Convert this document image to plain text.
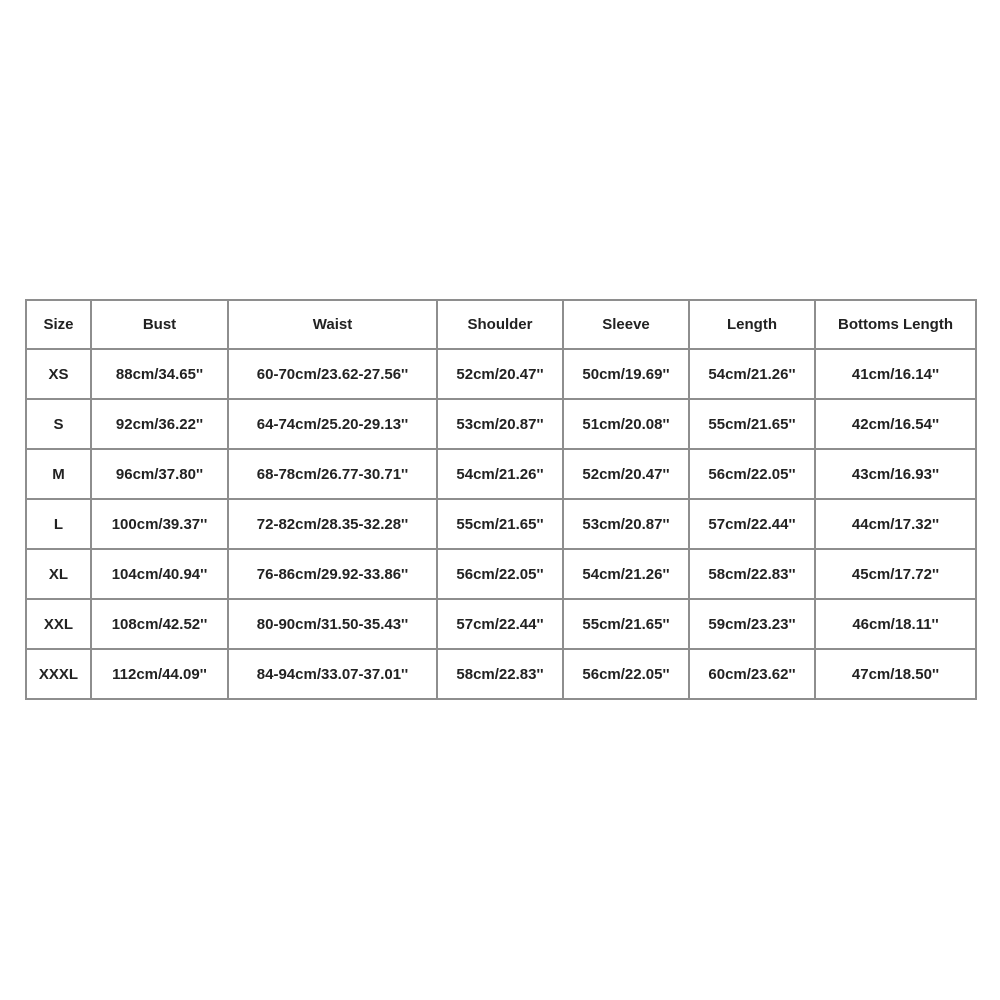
Size	Bust	Waist	Shoulder	Sleeve	Length	Bottoms Length
XS	88cm/34.65''	60-70cm/23.62-27.56''	52cm/20.47''	50cm/19.69''	54cm/21.26''	41cm/16.14''
S	92cm/36.22''	64-74cm/25.20-29.13''	53cm/20.87''	51cm/20.08''	55cm/21.65''	42cm/16.54''
M	96cm/37.80''	68-78cm/26.77-30.71''	54cm/21.26''	52cm/20.47''	56cm/22.05''	43cm/16.93''
L	100cm/39.37''	72-82cm/28.35-32.28''	55cm/21.65''	53cm/20.87''	57cm/22.44''	44cm/17.32''
XL	104cm/40.94''	76-86cm/29.92-33.86''	56cm/22.05''	54cm/21.26''	58cm/22.83''	45cm/17.72''
XXL	108cm/42.52''	80-90cm/31.50-35.43''	57cm/22.44''	55cm/21.65''	59cm/23.23''	46cm/18.11''
XXXL	112cm/44.09''	84-94cm/33.07-37.01''	58cm/22.83''	56cm/22.05''	60cm/23.62''	47cm/18.50''
